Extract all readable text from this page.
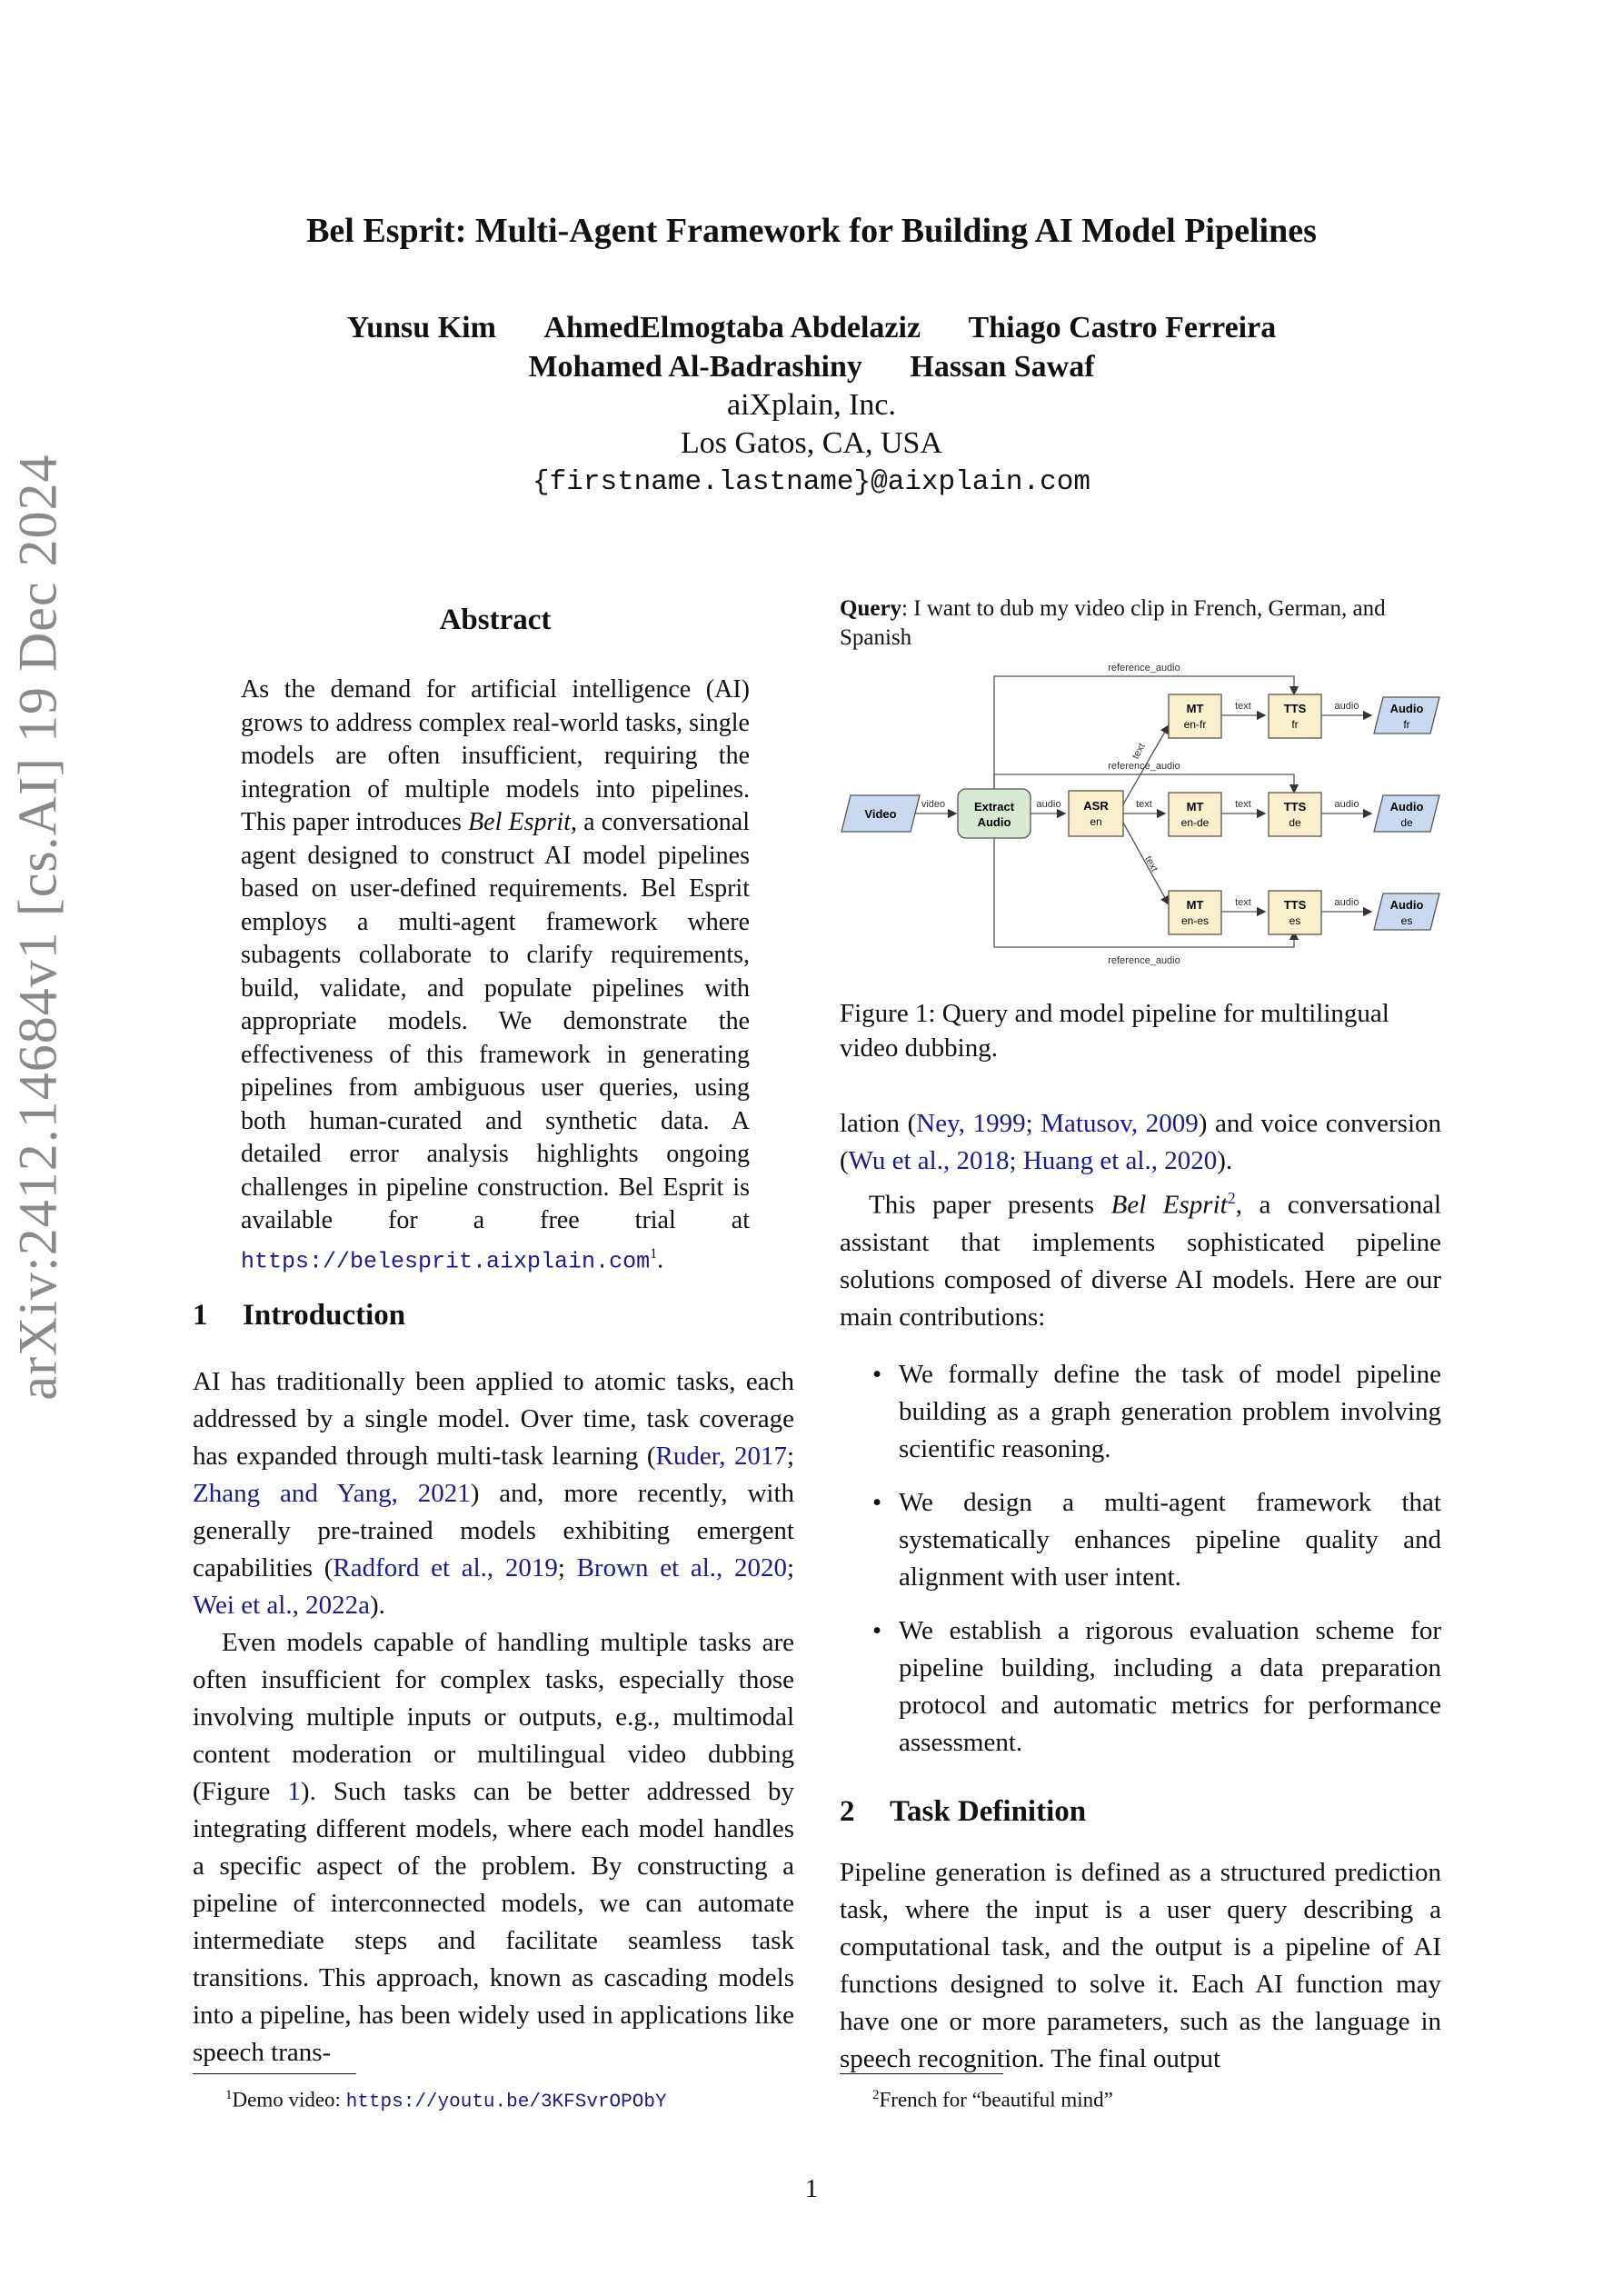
arXiv:2412.14684v1 [cs.AI] 19 Dec 2024
Bel Esprit: Multi-Agent Framework for Building AI Model Pipelines
Yunsu Kim AhmedElmogtaba Abdelaziz Thiago Castro Ferreira
Mohamed Al-Badrashiny Hassan Sawaf
aiXplain, Inc.
Los Gatos, CA, USA
{firstname.lastname}@aixplain.com
Abstract
As the demand for artificial intelligence (AI) grows to address complex real-world tasks, single models are often insufficient, requiring the integration of multiple models into pipelines. This paper introduces Bel Esprit, a conversational agent designed to construct AI model pipelines based on user-defined requirements. Bel Esprit employs a multi-agent framework where subagents collaborate to clarify requirements, build, validate, and populate pipelines with appropriate models. We demonstrate the effectiveness of this framework in generating pipelines from ambiguous user queries, using both human-curated and synthetic data. A detailed error analysis highlights ongoing challenges in pipeline construction. Bel Esprit is available for a free trial at https://belesprit.aixplain.com$^1$.
1 Introduction

AI has traditionally been applied to atomic tasks, each addressed by a single model. Over time, task coverage has expanded through multi-task learning (Ruder, 2017; Zhang and Yang, 2021) and, more recently, with generally pre-trained models exhibiting emergent capabilities (Radford et al., 2019; Brown et al., 2020; Wei et al., 2022a).

Even models capable of handling multiple tasks are often insufficient for complex tasks, especially those involving multiple inputs or outputs, e.g., multimodal content moderation or multilingual video dubbing (Figure 1). Such tasks can be better addressed by integrating different models, where each model handles a specific aspect of the problem. By constructing a pipeline of interconnected models, we can automate intermediate steps and facilitate seamless task transitions. This approach, known as cascading models into a pipeline, has been widely used in applications like speech trans-

$^1$Demo video: https://youtu.be/3KFSvrOPObY
Query: I want to dub my video clip in French, German, and Spanish
video	audio	text
text
text
text
audio
audio
audio
reference_audio
reference_audio
reference_audio
text
text
Video
Extract
Audio
ASR
en
MT
en-fr
MT
en-de
MT
en-es
TTS
fr
TTS
de
TTS
es
Audio
fr
Audio
de
Audio
es
Figure 1: Query and model pipeline for multilingual video dubbing.

lation (Ney, 1999; Matusov, 2009) and voice conversion (Wu et al., 2018; Huang et al., 2020).

This paper presents Bel Esprit$^2$, a conversational assistant that implements sophisticated pipeline solutions composed of diverse AI models. Here are our main contributions:

• We formally define the task of model pipeline building as a graph generation problem involving scientific reasoning.
• We design a multi-agent framework that systematically enhances pipeline quality and alignment with user intent.
• We establish a rigorous evaluation scheme for pipeline building, including a data preparation protocol and automatic metrics for performance assessment.
2 Task Definition
Pipeline generation is defined as a structured prediction task, where the input is a user query describing a computational task, and the output is a pipeline of AI functions designed to solve it. Each AI function may have one or more parameters, such as the language in speech recognition. The final output
$^2$French for “beautiful mind”
1
